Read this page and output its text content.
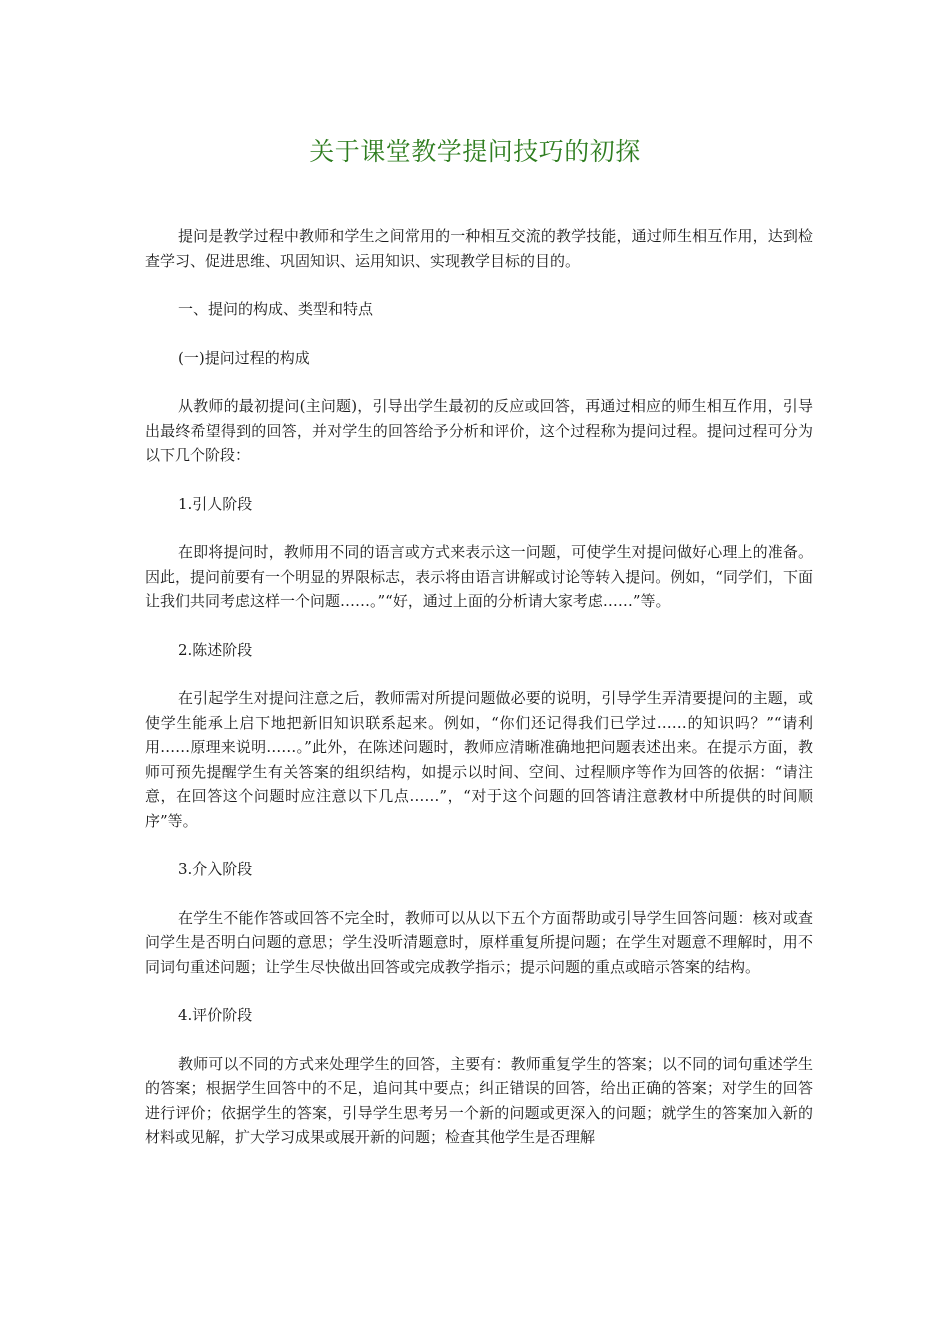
关于课堂教学提问技巧的初探

提问是教学过程中教师和学生之间常用的一种相互交流的教学技能，通过师生相互作用，达到检查学习、促进思维、巩固知识、运用知识、实现教学目标的目的。

一、提问的构成、类型和特点

(一)提问过程的构成

从教师的最初提问(主问题)，引导出学生最初的反应或回答，再通过相应的师生相互作用，引导出最终希望得到的回答，并对学生的回答给予分析和评价，这个过程称为提问过程。提问过程可分为以下几个阶段：

1.引人阶段

在即将提问时，教师用不同的语言或方式来表示这一问题，可使学生对提问做好心理上的准备。因此，提问前要有一个明显的界限标志，表示将由语言讲解或讨论等转入提问。例如，“同学们，下面让我们共同考虑这样一个问题……。”“好，通过上面的分析请大家考虑……”等。

2.陈述阶段

在引起学生对提问注意之后，教师需对所提问题做必要的说明，引导学生弄清要提问的主题，或使学生能承上启下地把新旧知识联系起来。例如，“你们还记得我们已学过……的知识吗？”“请利用……原理来说明……。”此外，在陈述问题时，教师应清晰准确地把问题表述出来。在提示方面，教师可预先提醒学生有关答案的组织结构，如提示以时间、空间、过程顺序等作为回答的依据：“请注意，在回答这个问题时应注意以下几点……”，“对于这个问题的回答请注意教材中所提供的时间顺序”等。

3.介入阶段

在学生不能作答或回答不完全时，教师可以从以下五个方面帮助或引导学生回答问题：核对或查问学生是否明白问题的意思；学生没听清题意时，原样重复所提问题；在学生对题意不理解时，用不同词句重述问题；让学生尽快做出回答或完成教学指示；提示问题的重点或暗示答案的结构。

4.评价阶段

教师可以不同的方式来处理学生的回答，主要有：教师重复学生的答案；以不同的词句重述学生的答案；根据学生回答中的不足，追问其中要点；纠正错误的回答，给出正确的答案；对学生的回答进行评价；依据学生的答案，引导学生思考另一个新的问题或更深入的问题；就学生的答案加入新的材料或见解，扩大学习成果或展开新的问题；检查其他学生是否理解
